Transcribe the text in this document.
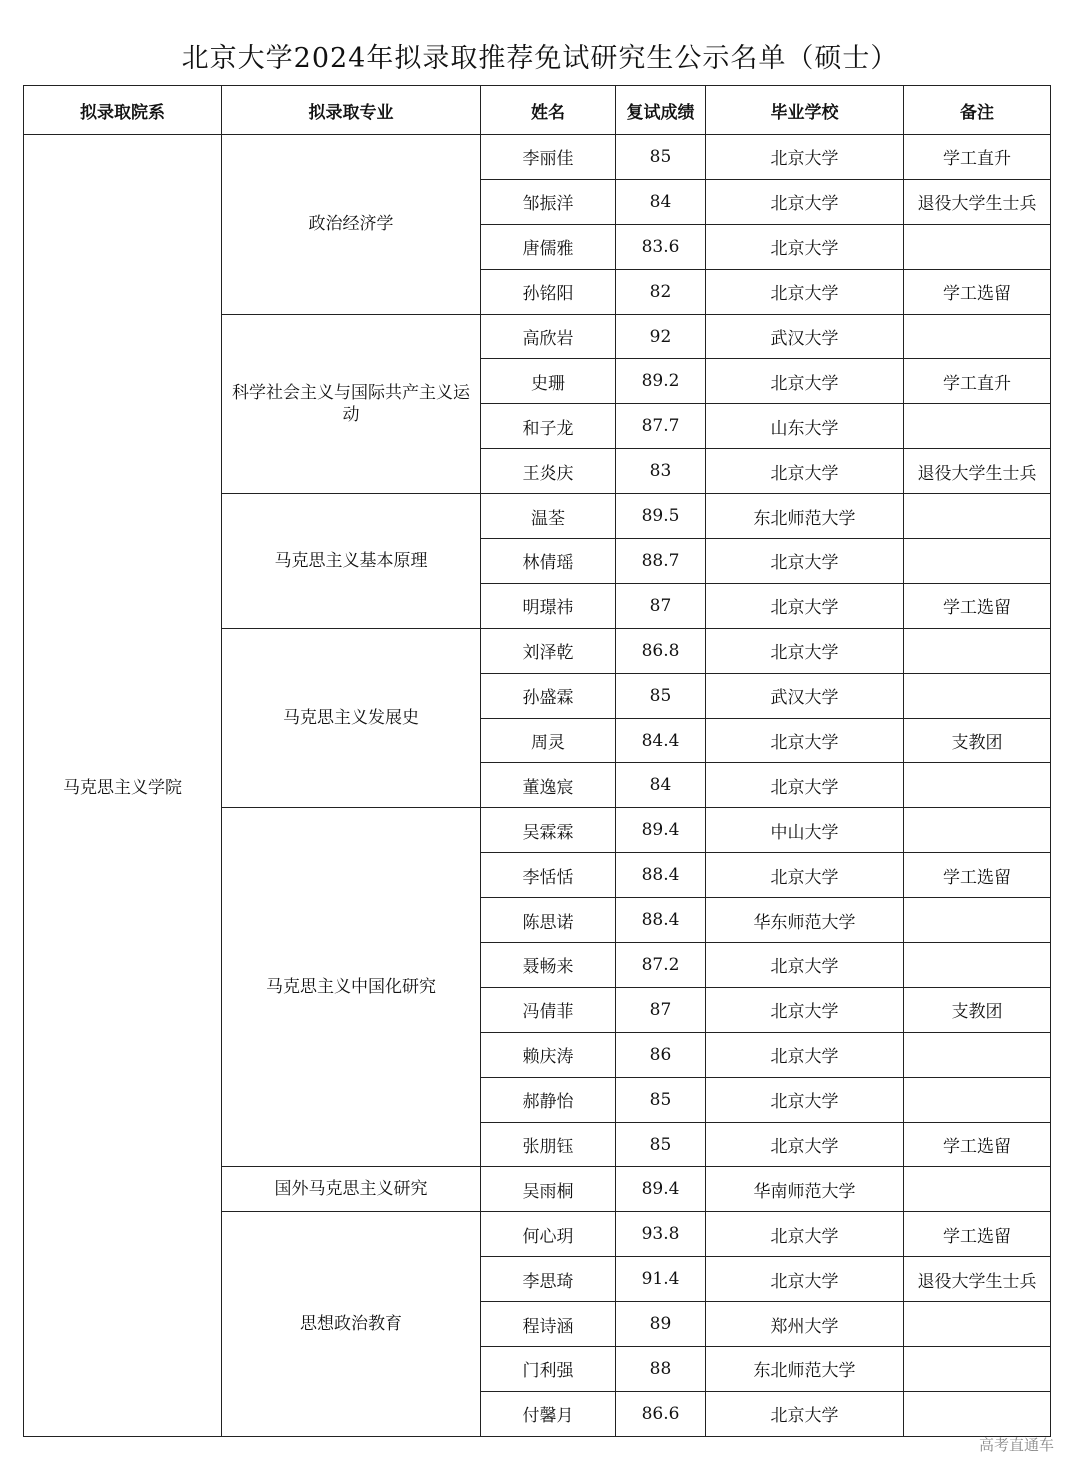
北京大学2024年拟录取推荐免试研究生公示名单（硕士）
拟录取院系	拟录取专业	姓名	复试成绩	毕业学校	备注
马克思主义学院	政治经济学	李丽佳	85	北京大学	学工直升
		邹振洋	84	北京大学	退役大学生士兵
		唐儒雅	83.6	北京大学	
		孙铭阳	82	北京大学	学工选留
	科学社会主义与国际共产主义运动	高欣岩	92	武汉大学	
		史珊	89.2	北京大学	学工直升
		和子龙	87.7	山东大学	
		王炎庆	83	北京大学	退役大学生士兵
	马克思主义基本原理	温荃	89.5	东北师范大学	
		林倩瑶	88.7	北京大学	
		明璟祎	87	北京大学	学工选留
	马克思主义发展史	刘泽乾	86.8	北京大学	
		孙盛霖	85	武汉大学	
		周灵	84.4	北京大学	支教团
		董逸宸	84	北京大学	
	马克思主义中国化研究	吴霖霖	89.4	中山大学	
		李恬恬	88.4	北京大学	学工选留
		陈思诺	88.4	华东师范大学	
		聂畅来	87.2	北京大学	
		冯倩菲	87	北京大学	支教团
		赖庆涛	86	北京大学	
		郝静怡	85	北京大学	
		张朋钰	85	北京大学	学工选留
	国外马克思主义研究	吴雨桐	89.4	华南师范大学	
	思想政治教育	何心玥	93.8	北京大学	学工选留
		李思琦	91.4	北京大学	退役大学生士兵
		程诗涵	89	郑州大学	
		门利强	88	东北师范大学	
		付馨月	86.6	北京大学	
高考直通车
